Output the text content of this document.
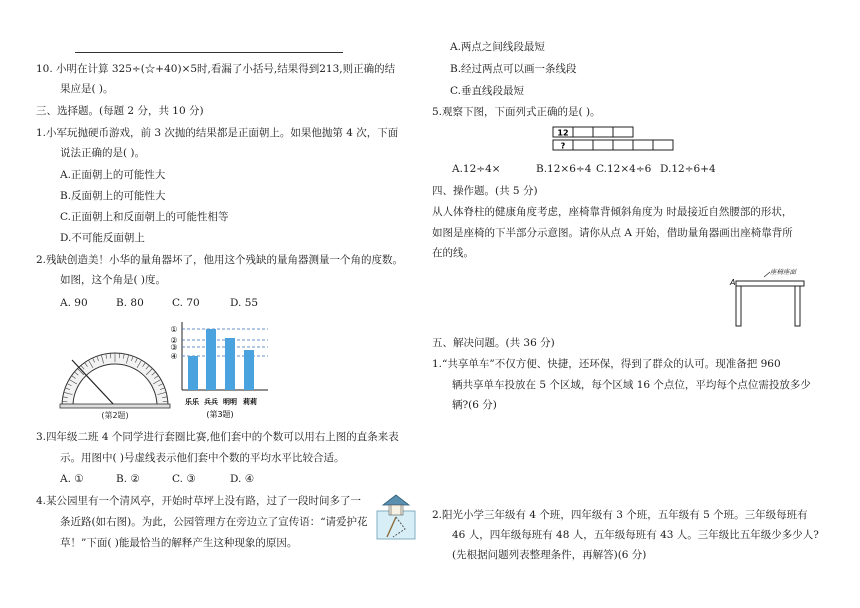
10. 小明在计算 325÷(☆+40)×5时,看漏了小括号,结果得到213,则正确的结
果应是( )。
三、选择题。(每题 2 分，共 10 分)
1.小军玩抛硬币游戏，前 3 次抛的结果都是正面朝上。如果他抛第 4 次，下面
说法正确的是( )。
A.正面朝上的可能性大
B.反面朝上的可能性大
C.正面朝上和反面朝上的可能性相等
D.不可能反面朝上
2.残缺创造美！小华的量角器坏了，他用这个残缺的量角器测量一个角的度数。
如图，这个角是( )度。
A. 90	B. 80	C. 70	D. 55
(第2题)
①
②
③
④
乐乐 兵兵 明明 莉莉
(第3题)
3.四年级二班 4 个同学进行套圈比赛,他们套中的个数可以用右上图的直条来表
示。用图中( )号虚线表示他们套中个数的平均水平比较合适。
A. ①	B. ②	C. ③	D. ④
4.某公园里有一个清风亭，开始时草坪上没有路，过了一段时间多了一
条近路(如右图)。为此，公园管理方在旁边立了宣传语：“请爱护花
草！”下面( )能最恰当的解释产生这种现象的原因。
A.两点之间线段最短
B.经过两点可以画一条线段
C.垂直线段最短
5.观察下图，下面列式正确的是( )。
12
?
A.12÷4×	B.12×6÷4 C.12×4÷6 D.12÷6+4
四、操作题。(共 5 分)
从人体脊柱的健康角度考虑，座椅靠背倾斜角度为 时最接近自然腰部的形状，
如图是座椅的下半部分示意图。请你从点 A 开始，借助量角器画出座椅靠背所
在的线。
A
座椅座面
五、解决问题。(共 36 分)
1.“共享单车”不仅方便、快捷，还环保，得到了群众的认可。现准备把 960
辆共享单车投放在 5 个区域，每个区域 16 个点位，平均每个点位需投放多少
辆?(6 分)
2.阳光小学三年级有 4 个班，四年级有 3 个班，五年级有 5 个班。三年级每班有
46 人，四年级每班有 48 人，五年级每班有 43 人。三年级比五年级少多少人?
(先根据问题列表整理条件，再解答)(6 分)
